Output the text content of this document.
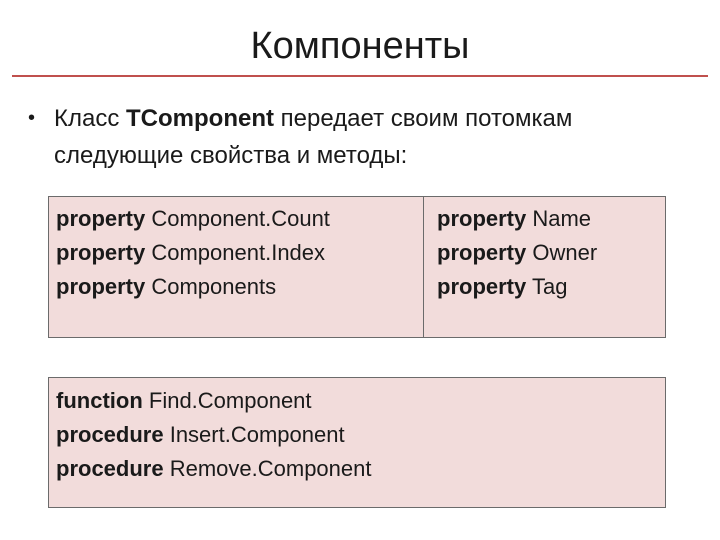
Компоненты
• Класс TComponent передает своим потомкам
следующие свойства и методы:
property Component.Count
property Component.Index
property Components
property Name
property Owner
property Tag
function Find.Component
procedure Insert.Component
procedure Remove.Component
